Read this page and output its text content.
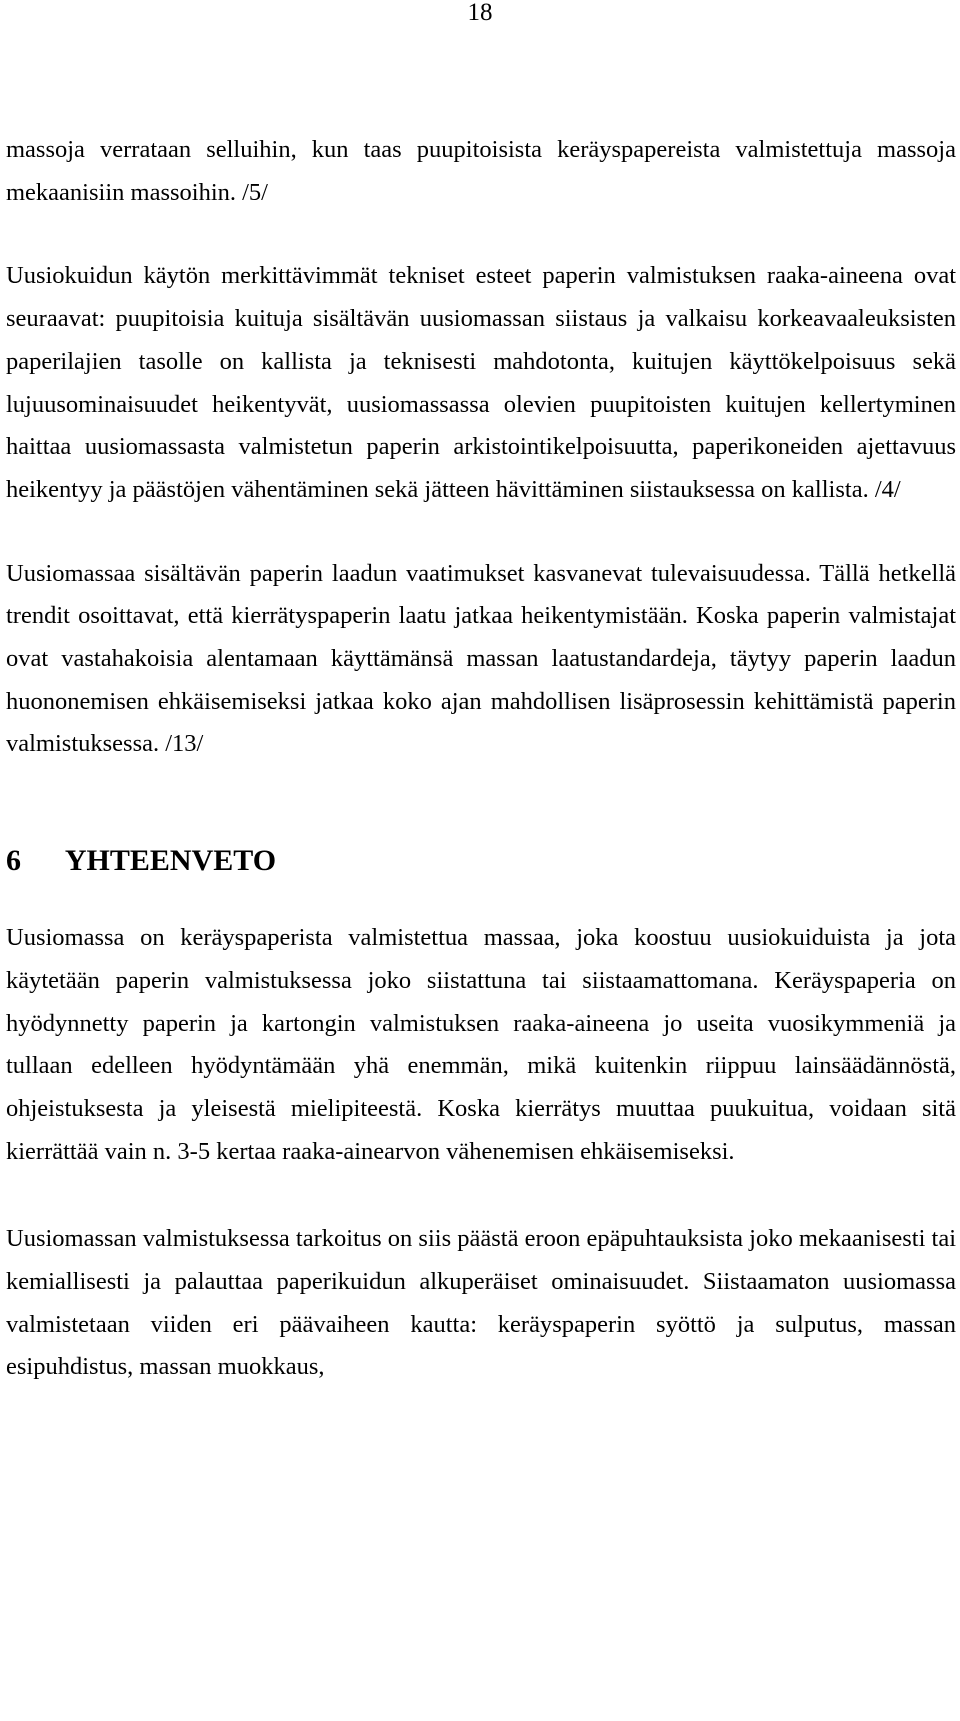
18

massoja verrataan selluihin, kun taas puupitoisista keräyspapereista valmistettuja massoja mekaanisiin massoihin. /5/

Uusiokuidun käytön merkittävimmät tekniset esteet paperin valmistuksen raaka-aineena ovat seuraavat: puupitoisia kuituja sisältävän uusiomassan siistaus ja valkaisu korkeavaaleuksisten paperilajien tasolle on kallista ja teknisesti mahdotonta, kuitujen käyttökelpoisuus sekä lujuusominaisuudet heikentyvät, uusiomassassa olevien puupitoisten kuitujen kellertyminen haittaa uusiomassasta valmistetun paperin arkistointikelpoisuutta, paperikoneiden ajettavuus heikentyy ja päästöjen vähentäminen sekä jätteen hävittäminen siistauksessa on kallista. /4/

Uusiomassaa sisältävän paperin laadun vaatimukset kasvanevat tulevaisuudessa. Tällä hetkellä trendit osoittavat, että kierrätyspaperin laatu jatkaa heikentymistään. Koska paperin valmistajat ovat vastahakoisia alentamaan käyttämänsä massan laatustandardeja, täytyy paperin laadun huononemisen ehkäisemiseksi jatkaa koko ajan mahdollisen lisäprosessin kehittämistä paperin valmistuksessa. /13/

6 YHTEENVETO

Uusiomassa on keräyspaperista valmistettua massaa, joka koostuu uusiokuiduista ja jota käytetään paperin valmistuksessa joko siistattuna tai siistaamattomana. Keräyspaperia on hyödynnetty paperin ja kartongin valmistuksen raaka-aineena jo useita vuosikymmeniä ja tullaan edelleen hyödyntämään yhä enemmän, mikä kuitenkin riippuu lainsäädännöstä, ohjeistuksesta ja yleisestä mielipiteestä. Koska kierrätys muuttaa puukuitua, voidaan sitä kierrättää vain n. 3-5 kertaa raaka-ainearvon vähenemisen ehkäisemiseksi.

Uusiomassan valmistuksessa tarkoitus on siis päästä eroon epäpuhtauksista joko mekaanisesti tai kemiallisesti ja palauttaa paperikuidun alkuperäiset ominaisuudet. Siistaamaton uusiomassa valmistetaan viiden eri päävaiheen kautta: keräyspaperin syöttö ja sulputus, massan esipuhdistus, massan muokkaus,
